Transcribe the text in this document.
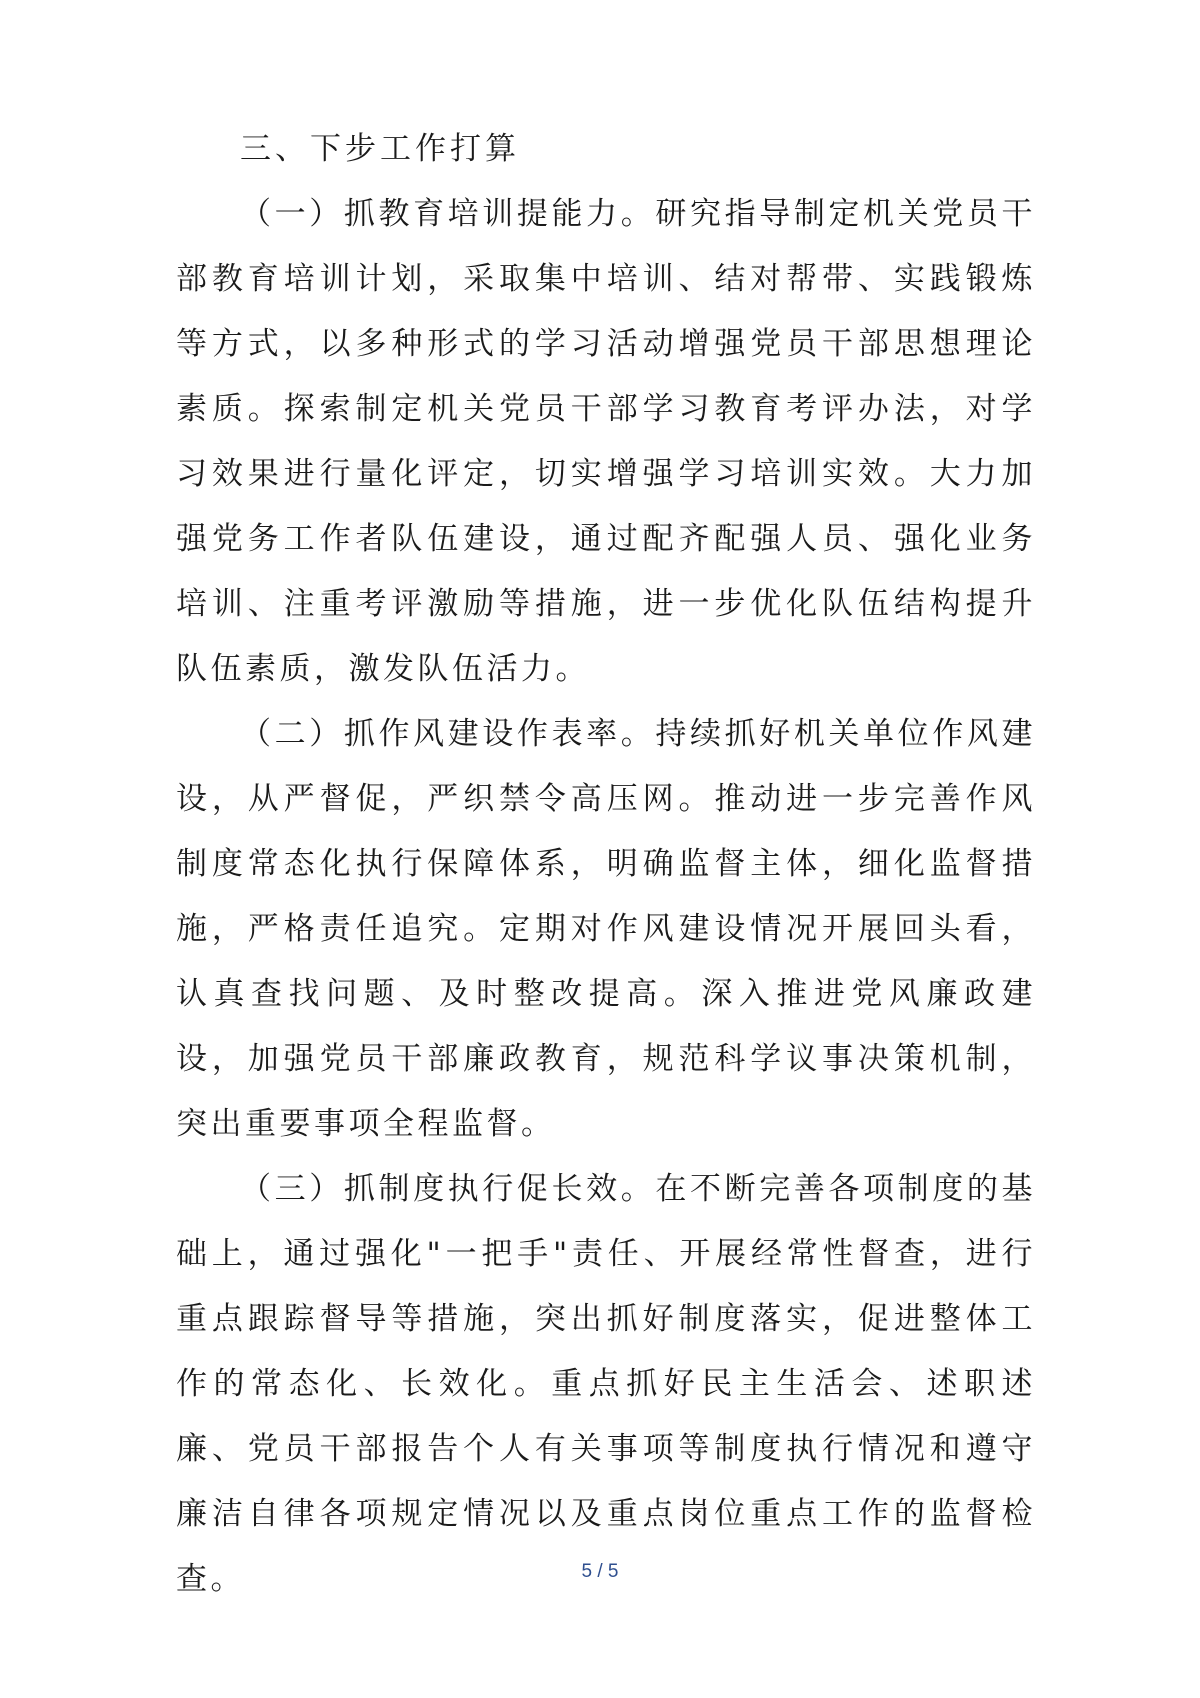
三、下步工作打算

（一）抓教育培训提能力。研究指导制定机关党员干部教育培训计划，采取集中培训、结对帮带、实践锻炼等方式，以多种形式的学习活动增强党员干部思想理论素质。探索制定机关党员干部学习教育考评办法，对学习效果进行量化评定，切实增强学习培训实效。大力加强党务工作者队伍建设，通过配齐配强人员、强化业务培训、注重考评激励等措施，进一步优化队伍结构提升队伍素质，激发队伍活力。

（二）抓作风建设作表率。持续抓好机关单位作风建设，从严督促，严织禁令高压网。推动进一步完善作风制度常态化执行保障体系，明确监督主体，细化监督措施，严格责任追究。定期对作风建设情况开展回头看，认真查找问题、及时整改提高。深入推进党风廉政建设，加强党员干部廉政教育，规范科学议事决策机制，突出重要事项全程监督。

（三）抓制度执行促长效。在不断完善各项制度的基础上，通过强化"一把手"责任、开展经常性督查，进行重点跟踪督导等措施，突出抓好制度落实，促进整体工作的常态化、长效化。重点抓好民主生活会、述职述廉、党员干部报告个人有关事项等制度执行情况和遵守廉洁自律各项规定情况以及重点岗位重点工作的监督检查。	5 / 5
